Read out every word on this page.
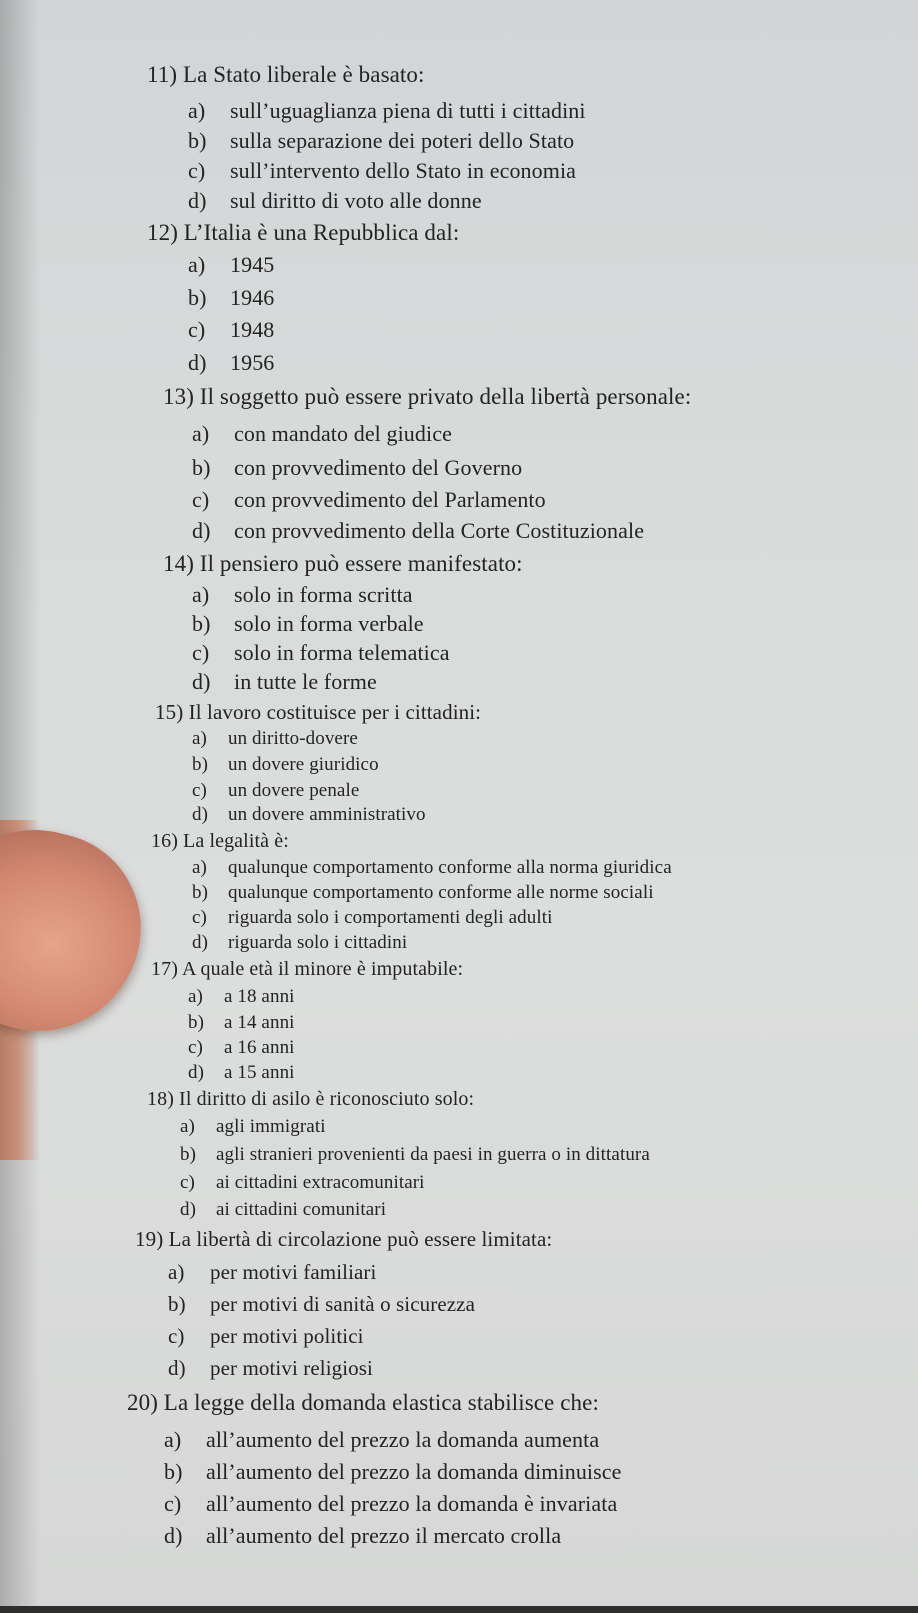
11) La Stato liberale è basato:
a) sull’uguaglianza piena di tutti i cittadini
b) sulla separazione dei poteri dello Stato
c) sull’intervento dello Stato in economia
d) sul diritto di voto alle donne
12) L’Italia è una Repubblica dal:
a) 1945
b) 1946
c) 1948
d) 1956
13) Il soggetto può essere privato della libertà personale:
a) con mandato del giudice
b) con provvedimento del Governo
c) con provvedimento del Parlamento
d) con provvedimento della Corte Costituzionale
14) Il pensiero può essere manifestato:
a) solo in forma scritta
b) solo in forma verbale
c) solo in forma telematica
d) in tutte le forme
15) Il lavoro costituisce per i cittadini:
a) un diritto-dovere
b) un dovere giuridico
c) un dovere penale
d) un dovere amministrativo
16) La legalità è:
a) qualunque comportamento conforme alla norma giuridica
b) qualunque comportamento conforme alle norme sociali
c) riguarda solo i comportamenti degli adulti
d) riguarda solo i cittadini
17) A quale età il minore è imputabile:
a) a 18 anni
b) a 14 anni
c) a 16 anni
d) a 15 anni
18) Il diritto di asilo è riconosciuto solo:
a) agli immigrati
b) agli stranieri provenienti da paesi in guerra o in dittatura
c) ai cittadini extracomunitari
d) ai cittadini comunitari
19) La libertà di circolazione può essere limitata:
a) per motivi familiari
b) per motivi di sanità o sicurezza
c) per motivi politici
d) per motivi religiosi
20) La legge della domanda elastica stabilisce che:
a) all’aumento del prezzo la domanda aumenta
b) all’aumento del prezzo la domanda diminuisce
c) all’aumento del prezzo la domanda è invariata
d) all’aumento del prezzo il mercato crolla
